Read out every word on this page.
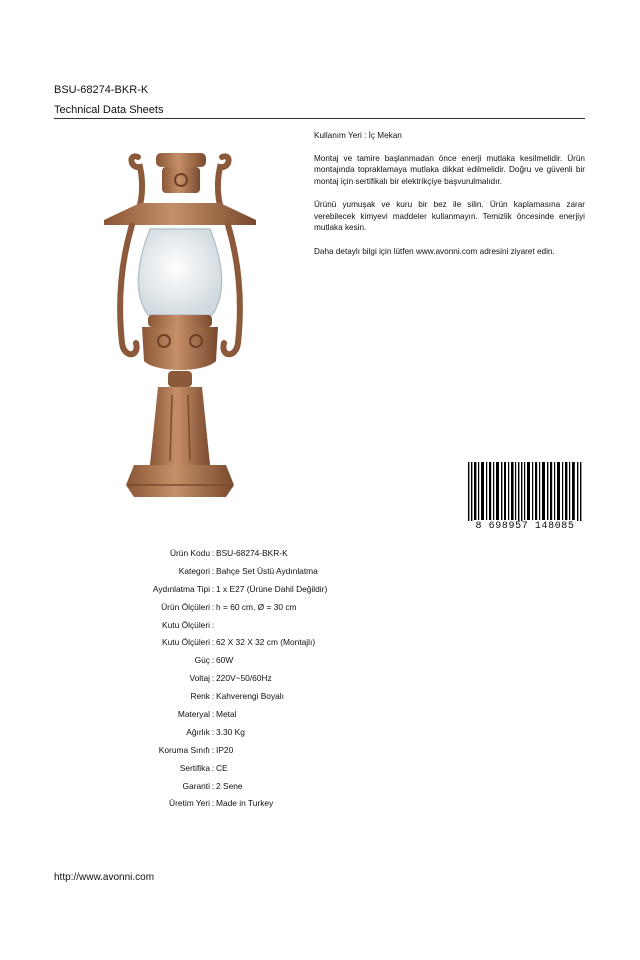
BSU-68274-BKR-K
Technical Data Sheets

Kullanım Yeri : İç Mekan

Montaj ve tamire başlanmadan önce enerji mutlaka kesilmelidir. Ürün montajında topraklamaya mutlaka dikkat edilmelidir. Doğru ve güvenli bir montaj için sertifikalı bir elektrikçiye başvurulmalıdır.

Ürünü yumuşak ve kuru bir bez ile silin. Ürün kaplamasına zarar verebilecek kimyevi maddeler kullanmayın. Temizlik öncesinde enerjiyi mutlaka kesin.

Daha detaylı bilgi için lütfen www.avonni.com adresini ziyaret edin.

8 698957 148085
Ürün Kodu : BSU-68274-BKR-K
Kategori : Bahçe Set Üstü Aydınlatma
Aydınlatma Tipi : 1 x E27 (Ürüne Dahil Değildir)
Ürün Ölçüleri : h = 60 cm, Ø = 30 cm
Kutu Ölçüleri :
Kutu Ölçüleri : 62 X 32 X 32 cm (Montajlı)
Güç : 60W
Voltaj : 220V~50/60Hz
Renk : Kahverengi Boyalı
Materyal : Metal
Ağırlık : 3.30 Kg
Koruma Sınıfı : IP20
Sertifika : CE
Garanti : 2 Sene
Üretim Yeri : Made in Turkey
http://www.avonni.com
